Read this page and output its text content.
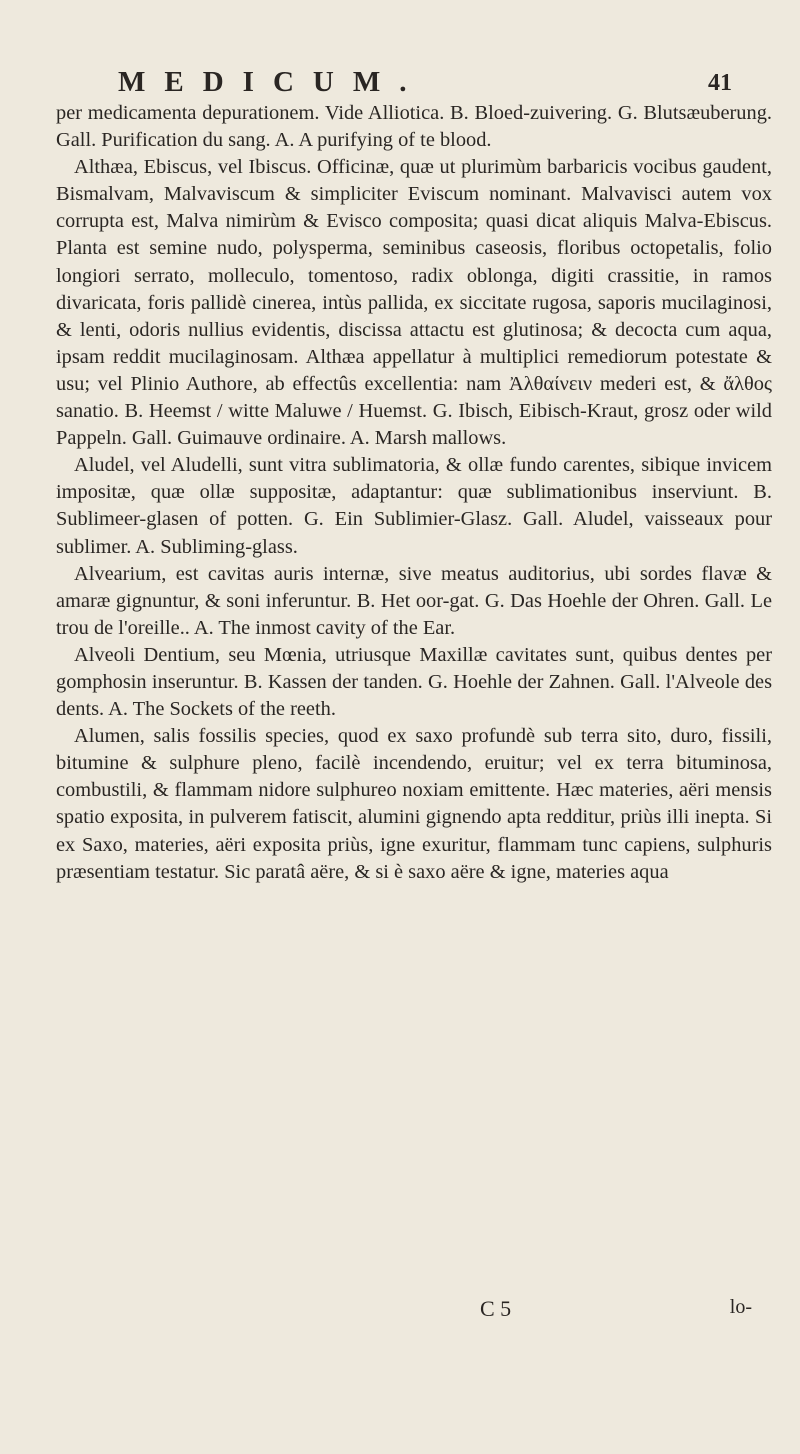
MEDICUM.	41

per medicamenta depurationem. Vide Alliotica. B. Bloed-zuivering. G. Blutsæuberung. Gall. Purification du sang. A. A purifying of te blood.

Althæa, Ebiscus, vel Ibiscus. Officinæ, quæ ut plurimùm barbaricis vocibus gaudent, Bismalvam, Malvaviscum & simpliciter Eviscum nominant. Malvavisci autem vox corrupta est, Malva nimirùm & Evisco composita; quasi dicat aliquis Malva-Ebiscus. Planta est semine nudo, polysperma, seminibus caseosis, floribus octopetalis, folio longiori serrato, molleculo, tomentoso, radix oblonga, digiti crassitie, in ramos divaricata, foris pallidè cinerea, intùs pallida, ex siccitate rugosa, saporis mucilaginosi, & lenti, odoris nullius evidentis, discissa attactu est glutinosa; & decocta cum aqua, ipsam reddit mucilaginosam. Althæa appellatur à multiplici remediorum potestate & usu; vel Plinio Authore, ab effectûs excellentia: nam Ἀλθαίνειν mederi est, & ἄλθος sanatio. B. Heemst / witte Maluwe / Huemst. G. Ibisch, Eibisch-Kraut, grosz oder wild Pappeln. Gall. Guimauve ordinaire. A. Marsh mallows.

Aludel, vel Aludelli, sunt vitra sublimatoria, & ollæ fundo carentes, sibique invicem impositæ, quæ ollæ suppositæ, adaptantur: quæ sublimationibus inserviunt. B. Sublimeer-glasen of potten. G. Ein Sublimier-Glasz. Gall. Aludel, vaisseaux pour sublimer. A. Subliming-glass.

Alvearium, est cavitas auris internæ, sive meatus auditorius, ubi sordes flavæ & amaræ gignuntur, & soni inferuntur. B. Het oor-gat. G. Das Hoehle der Ohren. Gall. Le trou de l'oreille.. A. The inmost cavity of the Ear.

Alveoli Dentium, seu Mœnia, utriusque Maxillæ cavitates sunt, quibus dentes per gomphosin inseruntur. B. Kassen der tanden. G. Hoehle der Zahnen. Gall. l'Alveole des dents. A. The Sockets of the reeth.

Alumen, salis fossilis species, quod ex saxo profundè sub terra sito, duro, fissili, bitumine & sulphure pleno, facilè incendendo, eruitur; vel ex terra bituminosa, combustili, & flammam nidore sulphureo noxiam emittente. Hæc materies, aëri mensis spatio exposita, in pulverem fatiscit, alumini gignendo apta redditur, priùs illi inepta. Si ex Saxo, materies, aëri exposita priùs, igne exuritur, flammam tunc capiens, sulphuris præsentiam testatur. Sic paratâ aëre, & si è saxo aëre & igne, materies aqua

C 5	lo-
